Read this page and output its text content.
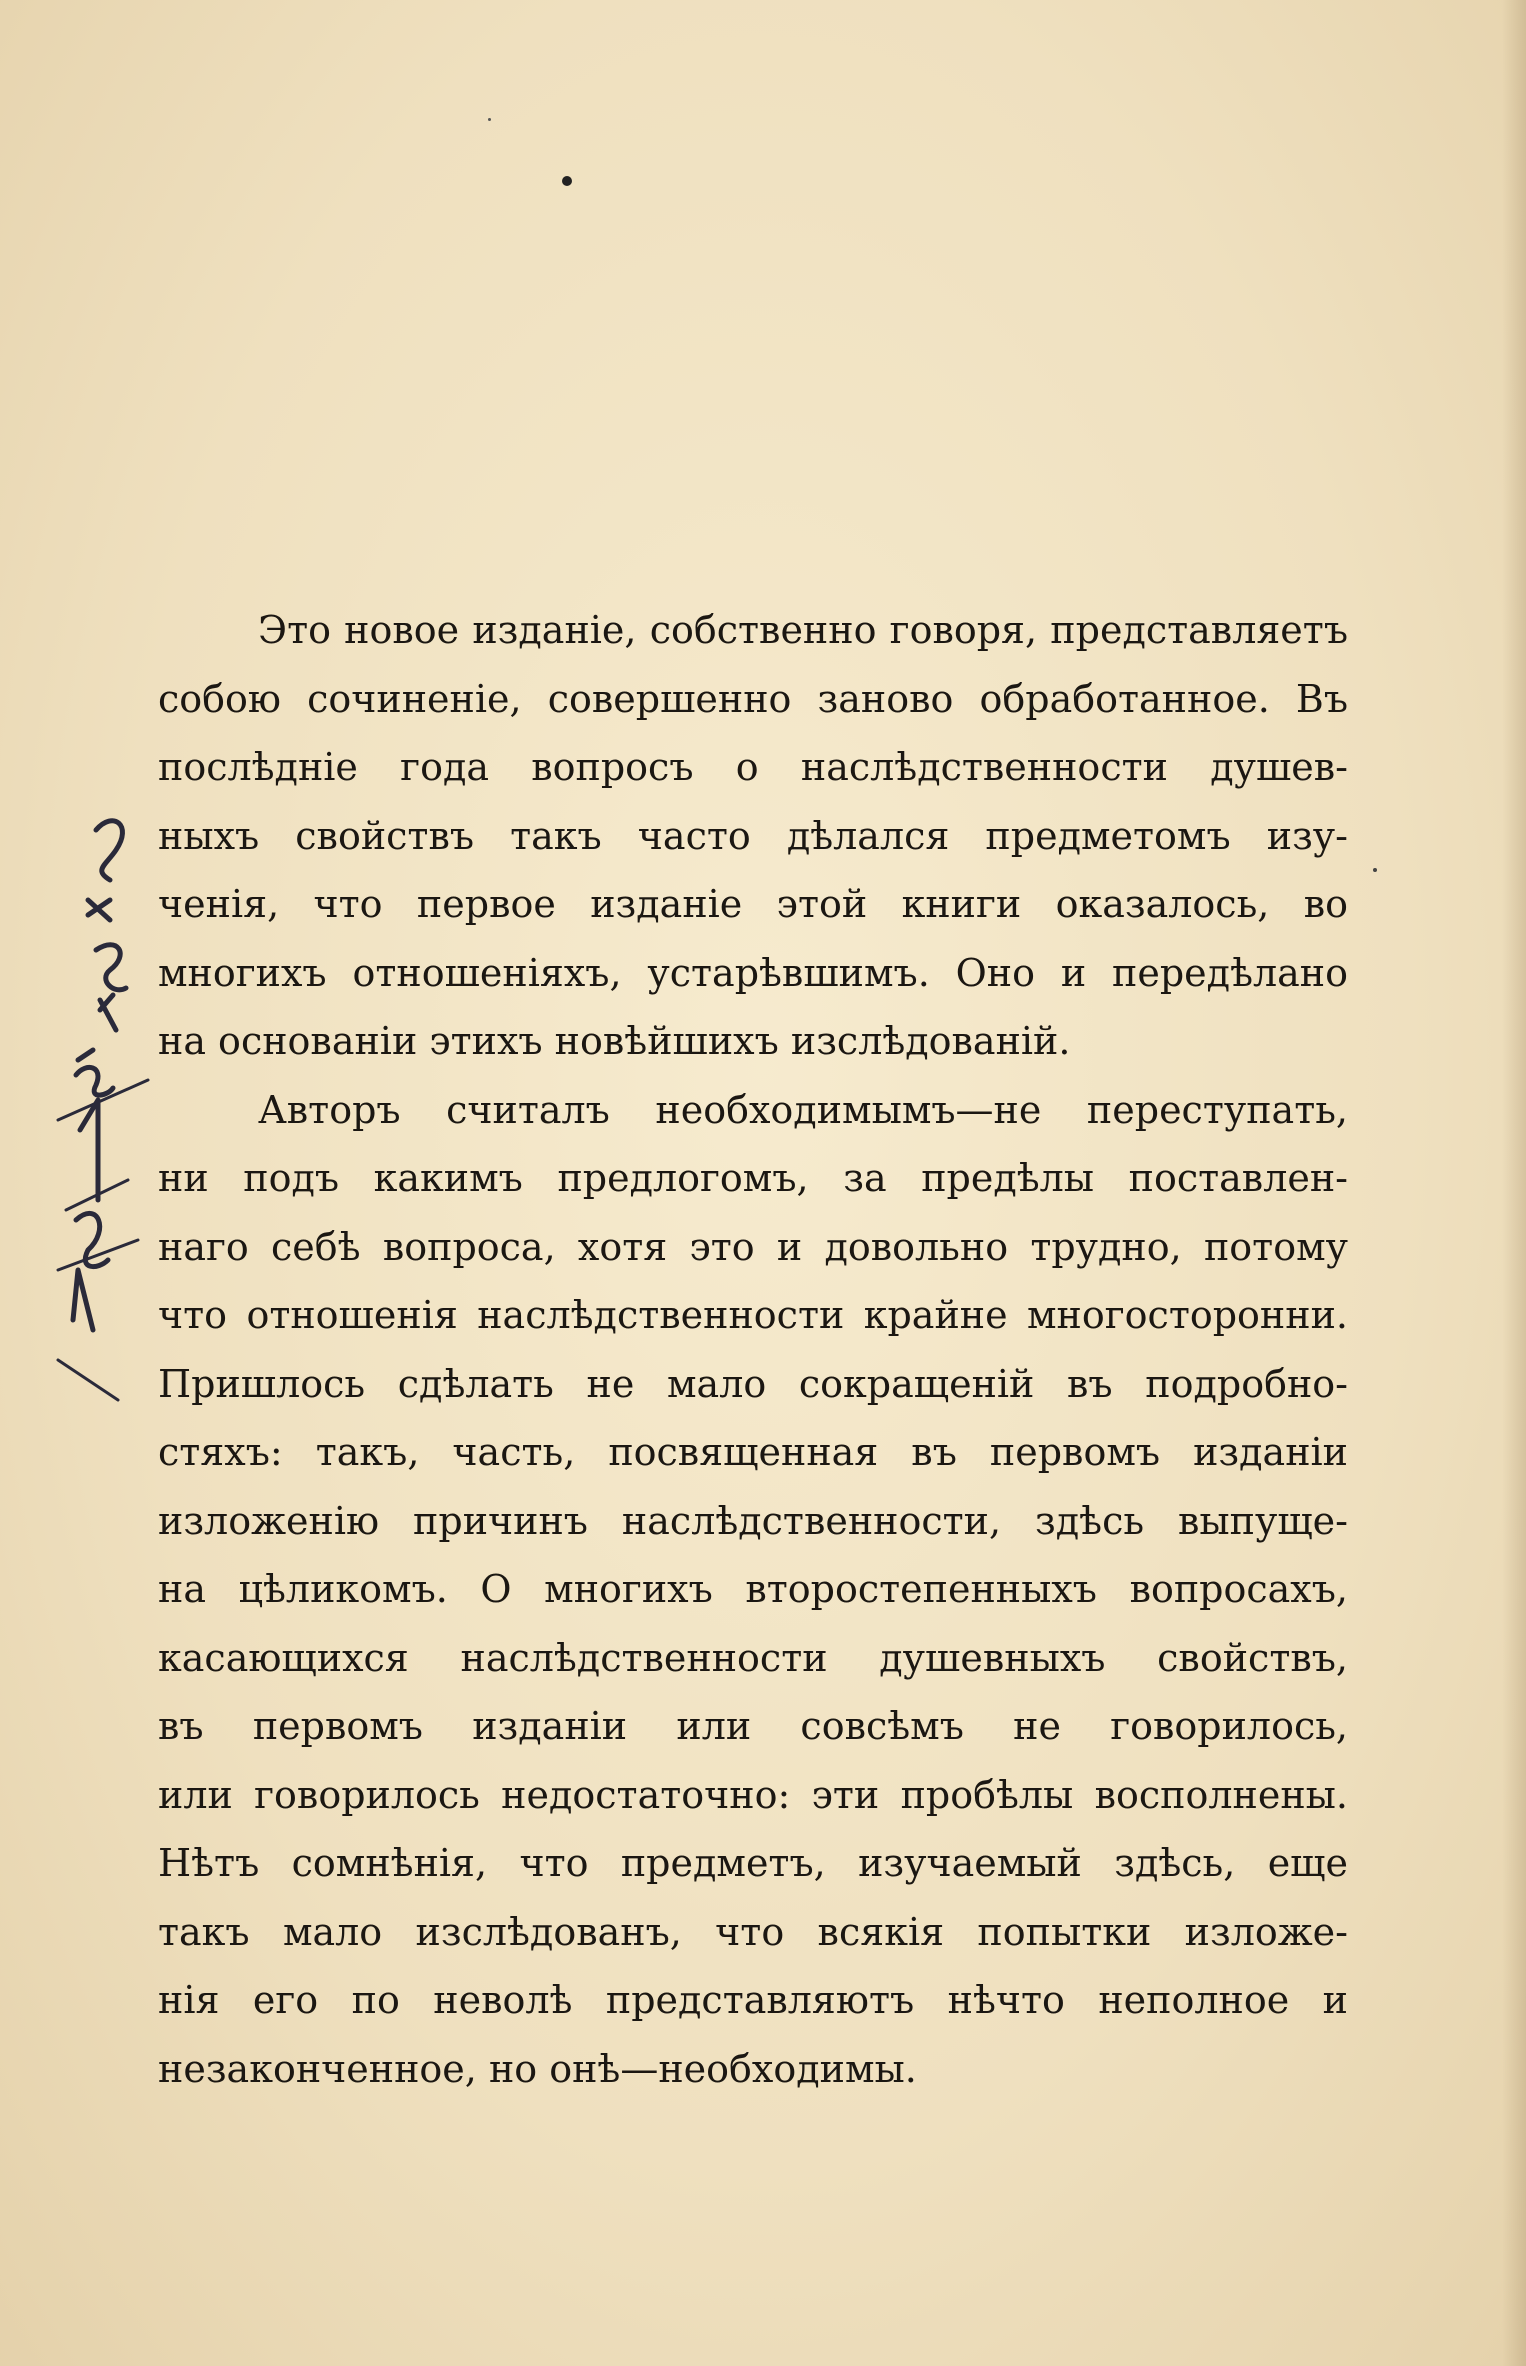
Это новое изданіе, собственно говоря, представляетъ
собою сочиненіе, совершенно заново обработанное. Въ
послѣдніе года вопросъ о наслѣдственности душев-
ныхъ свойствъ такъ часто дѣлался предметомъ изу-
ченія, что первое изданіе этой книги оказалось, во
многихъ отношеніяхъ, устарѣвшимъ. Оно и передѣлано
на основаніи этихъ новѣйшихъ изслѣдованій.
Авторъ считалъ необходимымъ—не переступать,
ни подъ какимъ предлогомъ, за предѣлы поставлен-
наго себѣ вопроса, хотя это и довольно трудно, потому
что отношенія наслѣдственности крайне многосторонни.
Пришлось сдѣлать не мало сокращеній въ подробно-
стяхъ: такъ, часть, посвященная въ первомъ изданіи
изложенію причинъ наслѣдственности, здѣсь выпуще-
на цѣликомъ. О многихъ второстепенныхъ вопросахъ,
касающихся наслѣдственности душевныхъ свойствъ,
въ первомъ изданіи или совсѣмъ не говорилось,
или говорилось недостаточно: эти пробѣлы восполнены.
Нѣтъ сомнѣнія, что предметъ, изучаемый здѣсь, еще
такъ мало изслѣдованъ, что всякія попытки изложе-
нія его по неволѣ представляютъ нѣчто неполное и
незаконченное, но онѣ—необходимы.
